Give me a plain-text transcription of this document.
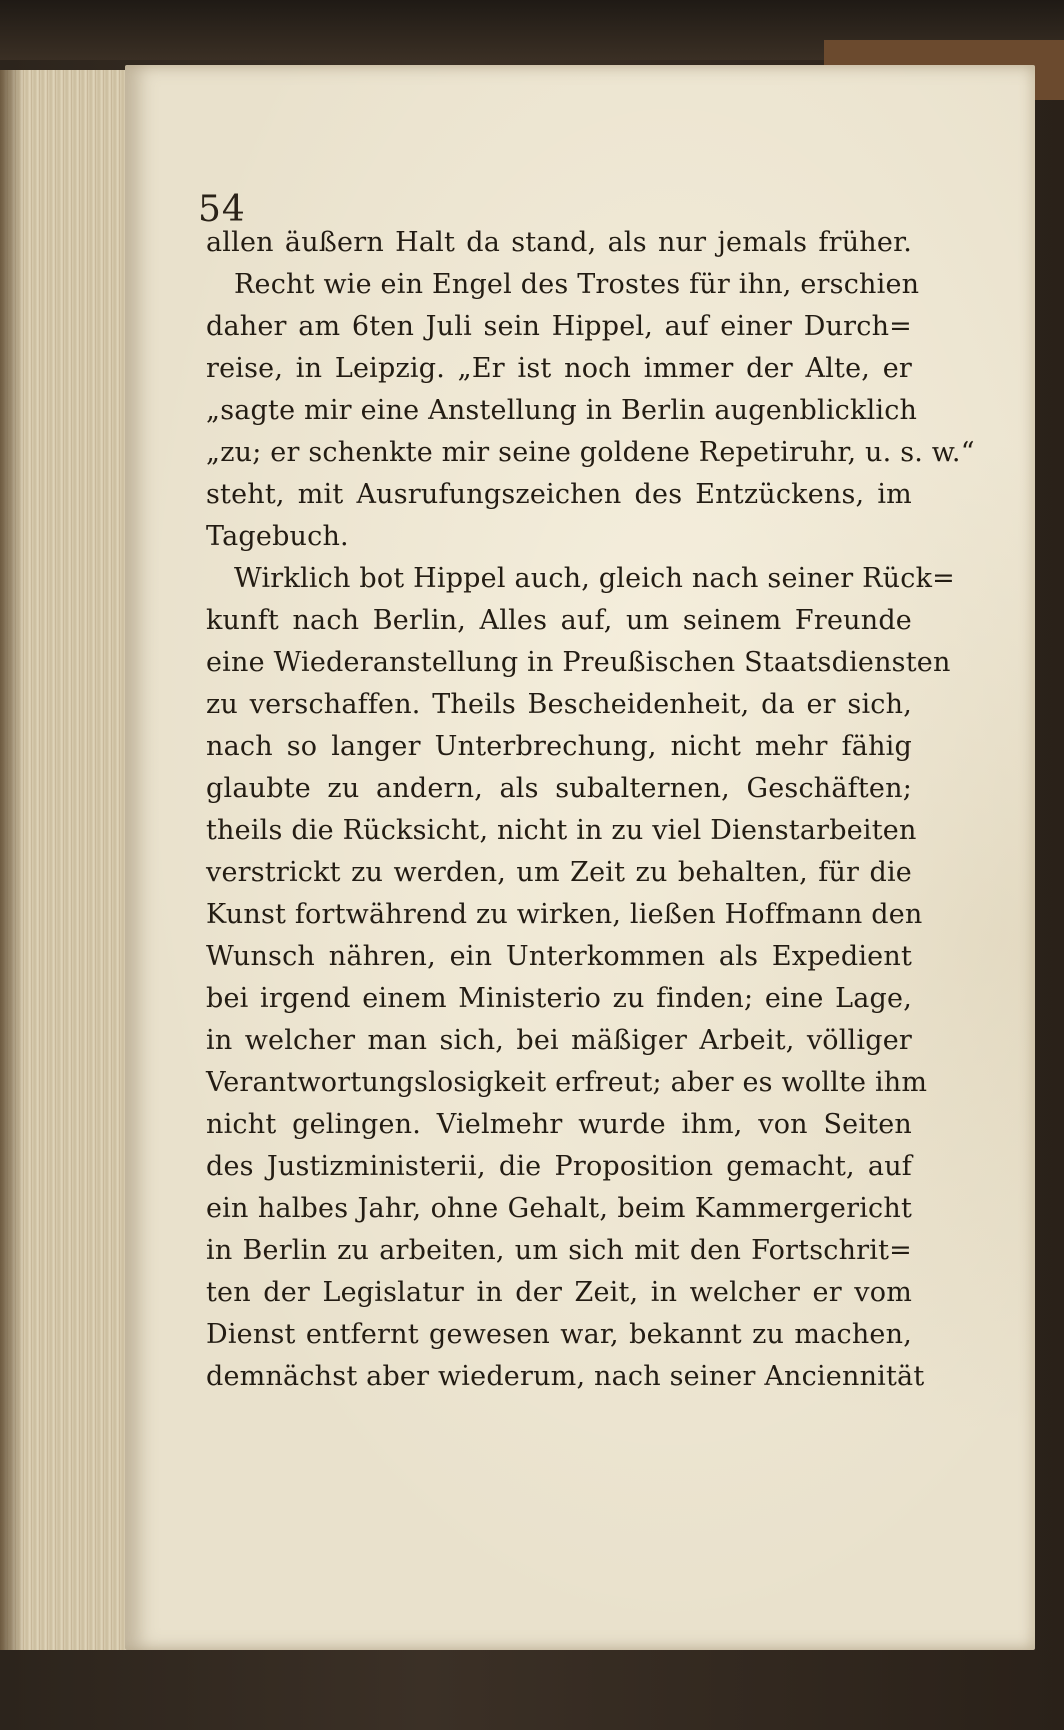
54
allen äußern Halt da stand, als nur jemals früher.
Recht wie ein Engel des Trostes für ihn, erschien
daher am 6ten Juli sein Hippel, auf einer Durch=
reise, in Leipzig. „Er ist noch immer der Alte, er
„sagte mir eine Anstellung in Berlin augenblicklich
„zu; er schenkte mir seine goldene Repetiruhr, u. s. w.“
steht, mit Ausrufungszeichen des Entzückens, im
Tagebuch.
Wirklich bot Hippel auch, gleich nach seiner Rück=
kunft nach Berlin, Alles auf, um seinem Freunde
eine Wiederanstellung in Preußischen Staatsdiensten
zu verschaffen. Theils Bescheidenheit, da er sich,
nach so langer Unterbrechung, nicht mehr fähig
glaubte zu andern, als subalternen, Geschäften;
theils die Rücksicht, nicht in zu viel Dienstarbeiten
verstrickt zu werden, um Zeit zu behalten, für die
Kunst fortwährend zu wirken, ließen Hoffmann den
Wunsch nähren, ein Unterkommen als Expedient
bei irgend einem Ministerio zu finden; eine Lage,
in welcher man sich, bei mäßiger Arbeit, völliger
Verantwortungslosigkeit erfreut; aber es wollte ihm
nicht gelingen. Vielmehr wurde ihm, von Seiten
des Justizministerii, die Proposition gemacht, auf
ein halbes Jahr, ohne Gehalt, beim Kammergericht
in Berlin zu arbeiten, um sich mit den Fortschrit=
ten der Legislatur in der Zeit, in welcher er vom
Dienst entfernt gewesen war, bekannt zu machen,
demnächst aber wiederum, nach seiner Anciennität
